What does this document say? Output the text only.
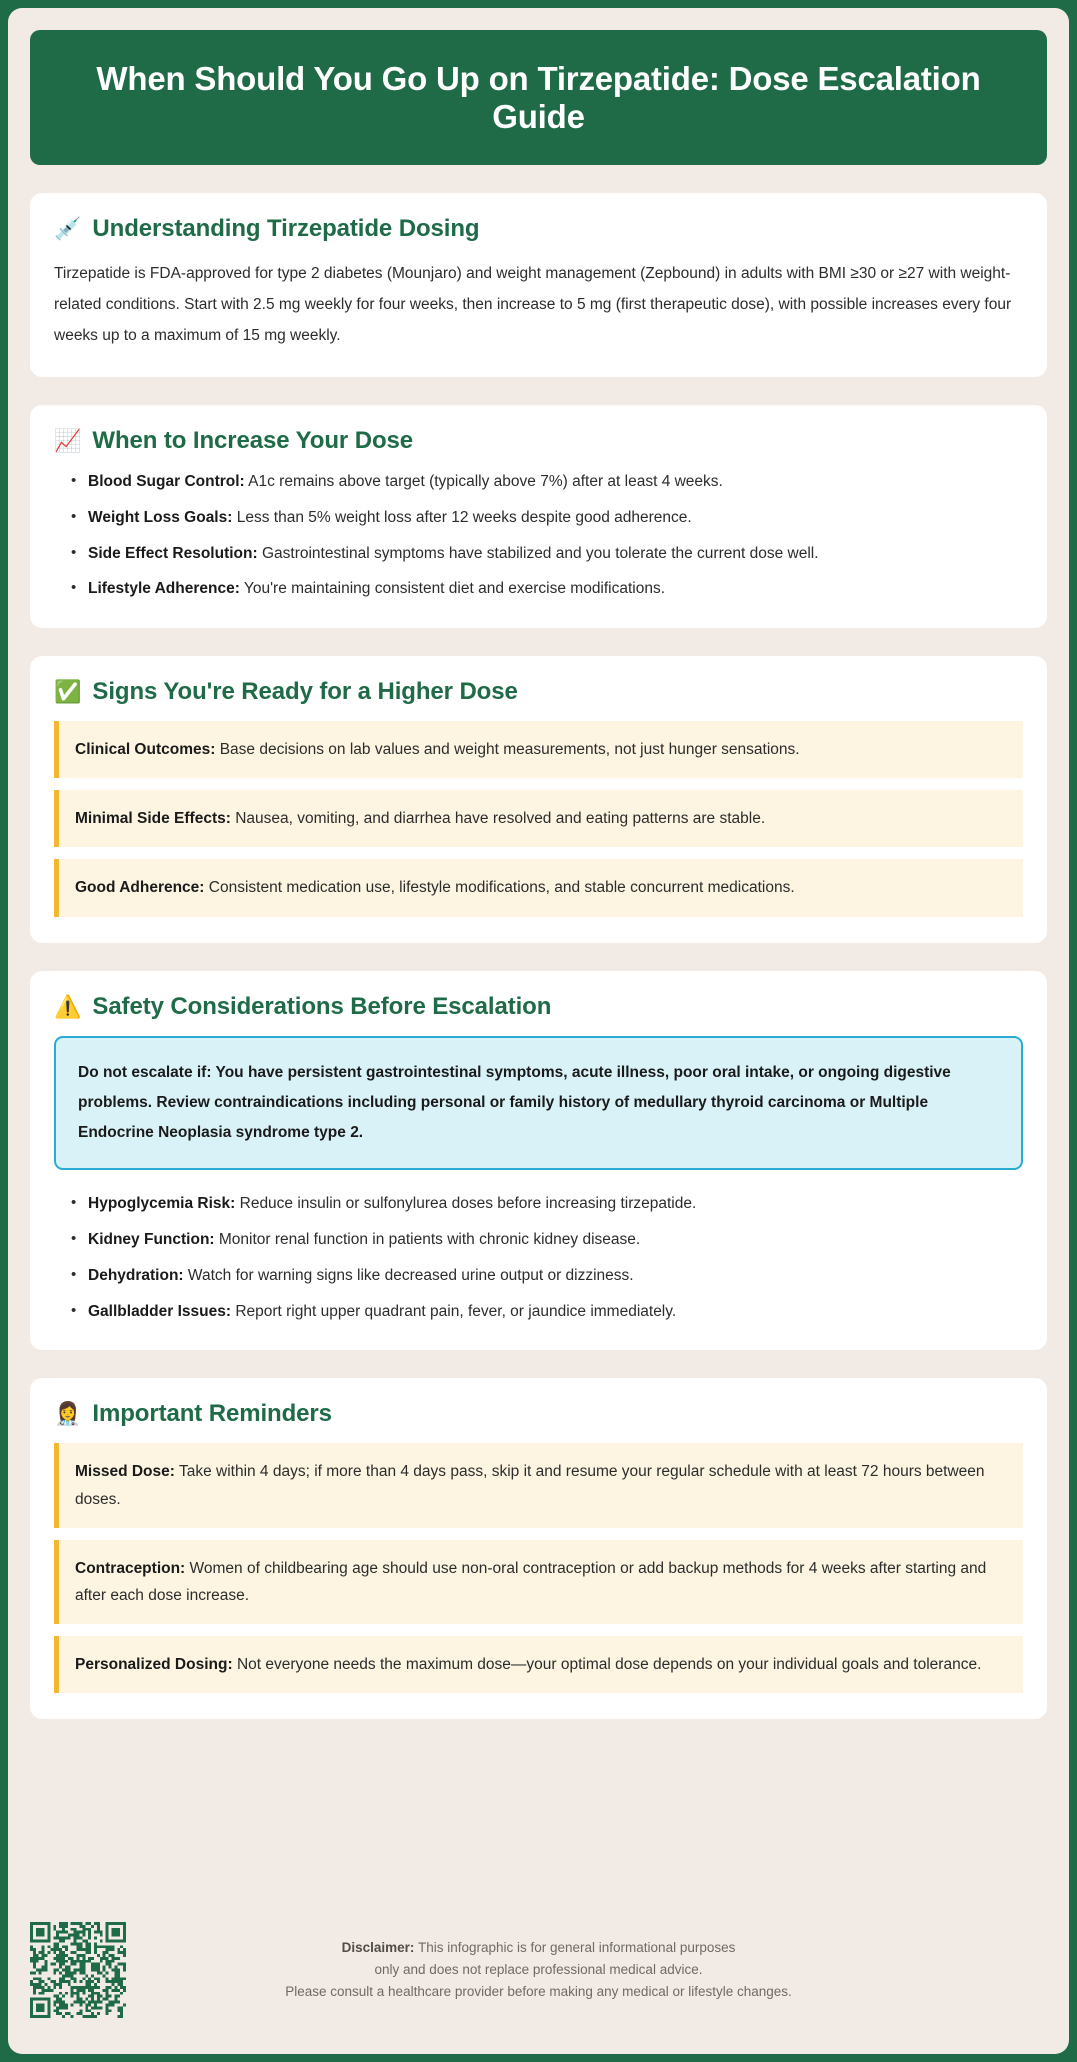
When Should You Go Up on Tirzepatide: Dose Escalation Guide
💉 Understanding Tirzepatide Dosing

Tirzepatide is FDA-approved for type 2 diabetes (Mounjaro) and weight management (Zepbound) in adults with BMI ≥30 or ≥27 with weight-related conditions. Start with 2.5 mg weekly for four weeks, then increase to 5 mg (first therapeutic dose), with possible increases every four weeks up to a maximum of 15 mg weekly.

📈 When to Increase Your Dose
• Blood Sugar Control: A1c remains above target (typically above 7%) after at least 4 weeks.
• Weight Loss Goals: Less than 5% weight loss after 12 weeks despite good adherence.
• Side Effect Resolution: Gastrointestinal symptoms have stabilized and you tolerate the current dose well.
• Lifestyle Adherence: You're maintaining consistent diet and exercise modifications.
✅ Signs You're Ready for a Higher Dose
Clinical Outcomes: Base decisions on lab values and weight measurements, not just hunger sensations.
Minimal Side Effects: Nausea, vomiting, and diarrhea have resolved and eating patterns are stable.
Good Adherence: Consistent medication use, lifestyle modifications, and stable concurrent medications.
⚠️ Safety Considerations Before Escalation
Do not escalate if: You have persistent gastrointestinal symptoms, acute illness, poor oral intake, or ongoing digestive problems. Review contraindications including personal or family history of medullary thyroid carcinoma or Multiple Endocrine Neoplasia syndrome type 2.
• Hypoglycemia Risk: Reduce insulin or sulfonylurea doses before increasing tirzepatide.
• Kidney Function: Monitor renal function in patients with chronic kidney disease.
• Dehydration: Watch for warning signs like decreased urine output or dizziness.
• Gallbladder Issues: Report right upper quadrant pain, fever, or jaundice immediately.
👩‍⚕️ Important Reminders
Missed Dose: Take within 4 days; if more than 4 days pass, skip it and resume your regular schedule with at least 72 hours between doses.
Contraception: Women of childbearing age should use non-oral contraception or add backup methods for 4 weeks after starting and after each dose increase.
Personalized Dosing: Not everyone needs the maximum dose—your optimal dose depends on your individual goals and tolerance.
Disclaimer: This infographic is for general informational purposes
only and does not replace professional medical advice.
Please consult a healthcare provider before making any medical or lifestyle changes.
